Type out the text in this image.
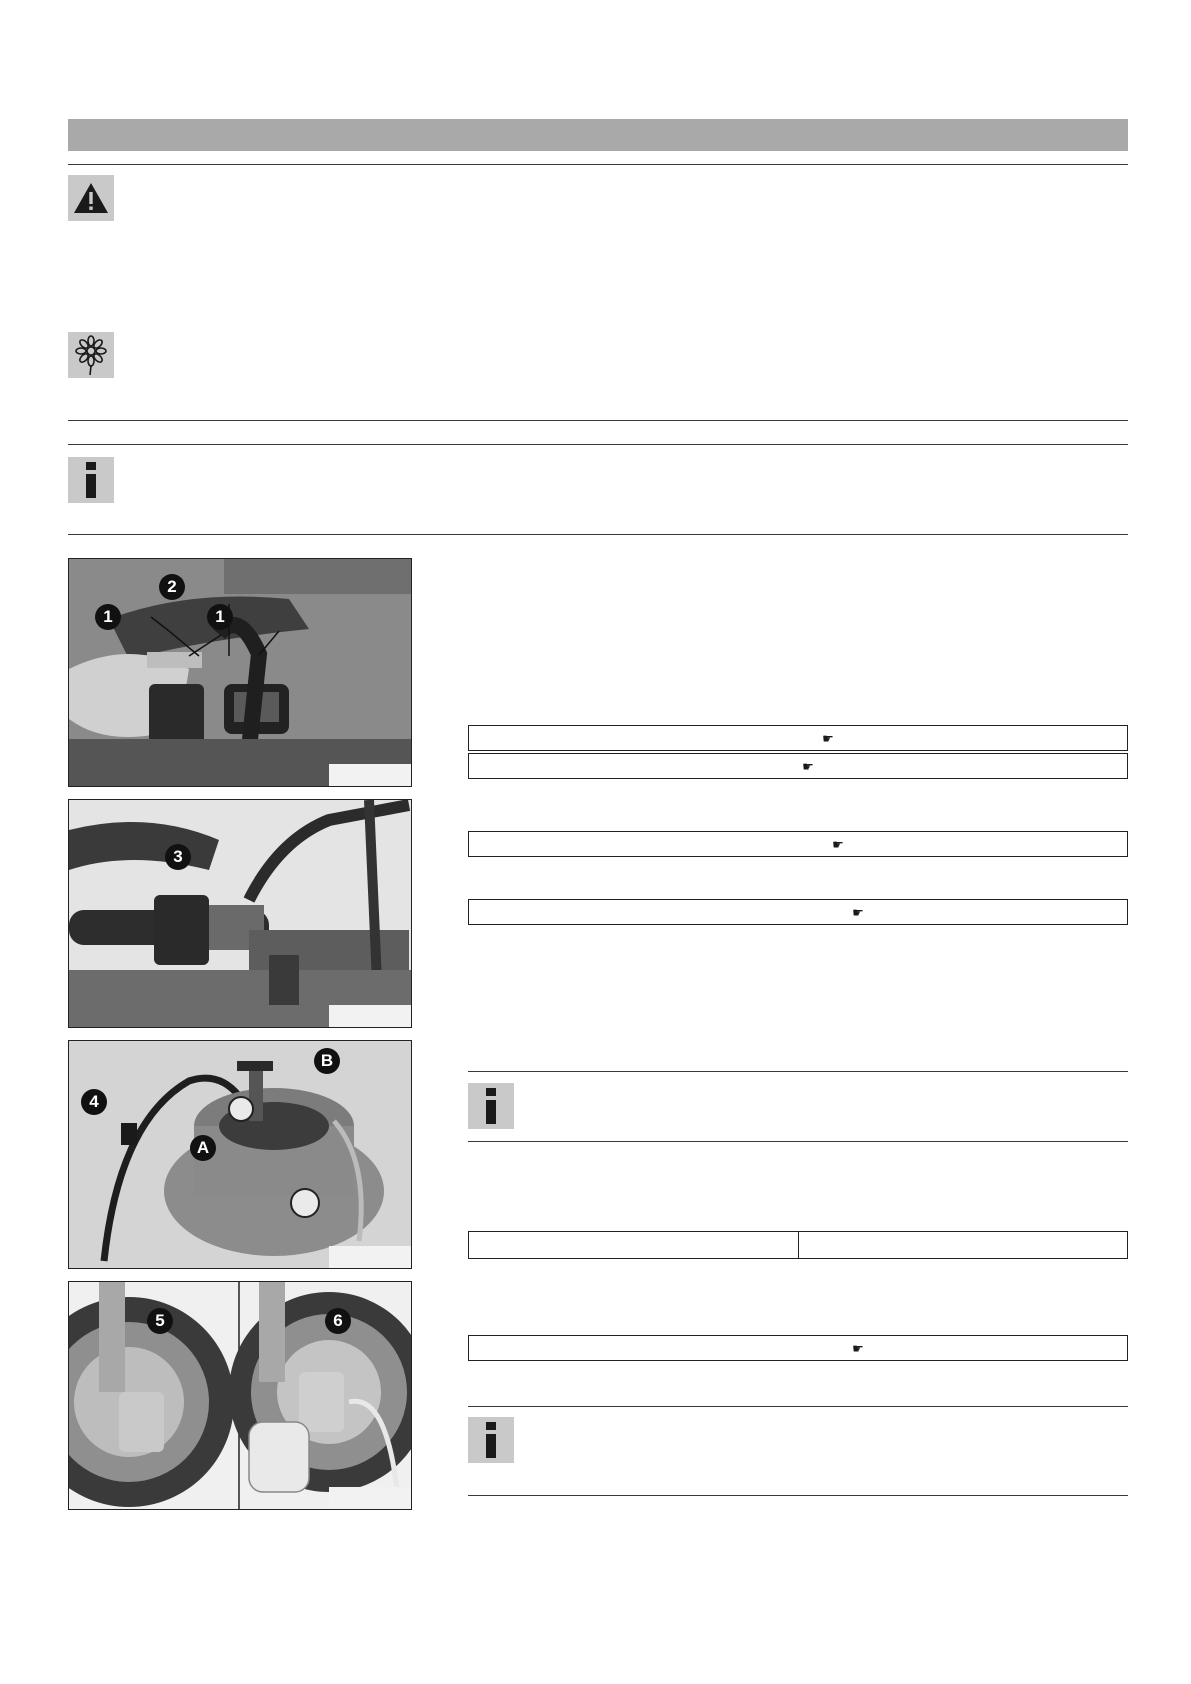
1
2
1
3
4
A
B
5	6
☛
☛
☛
☛
☛
